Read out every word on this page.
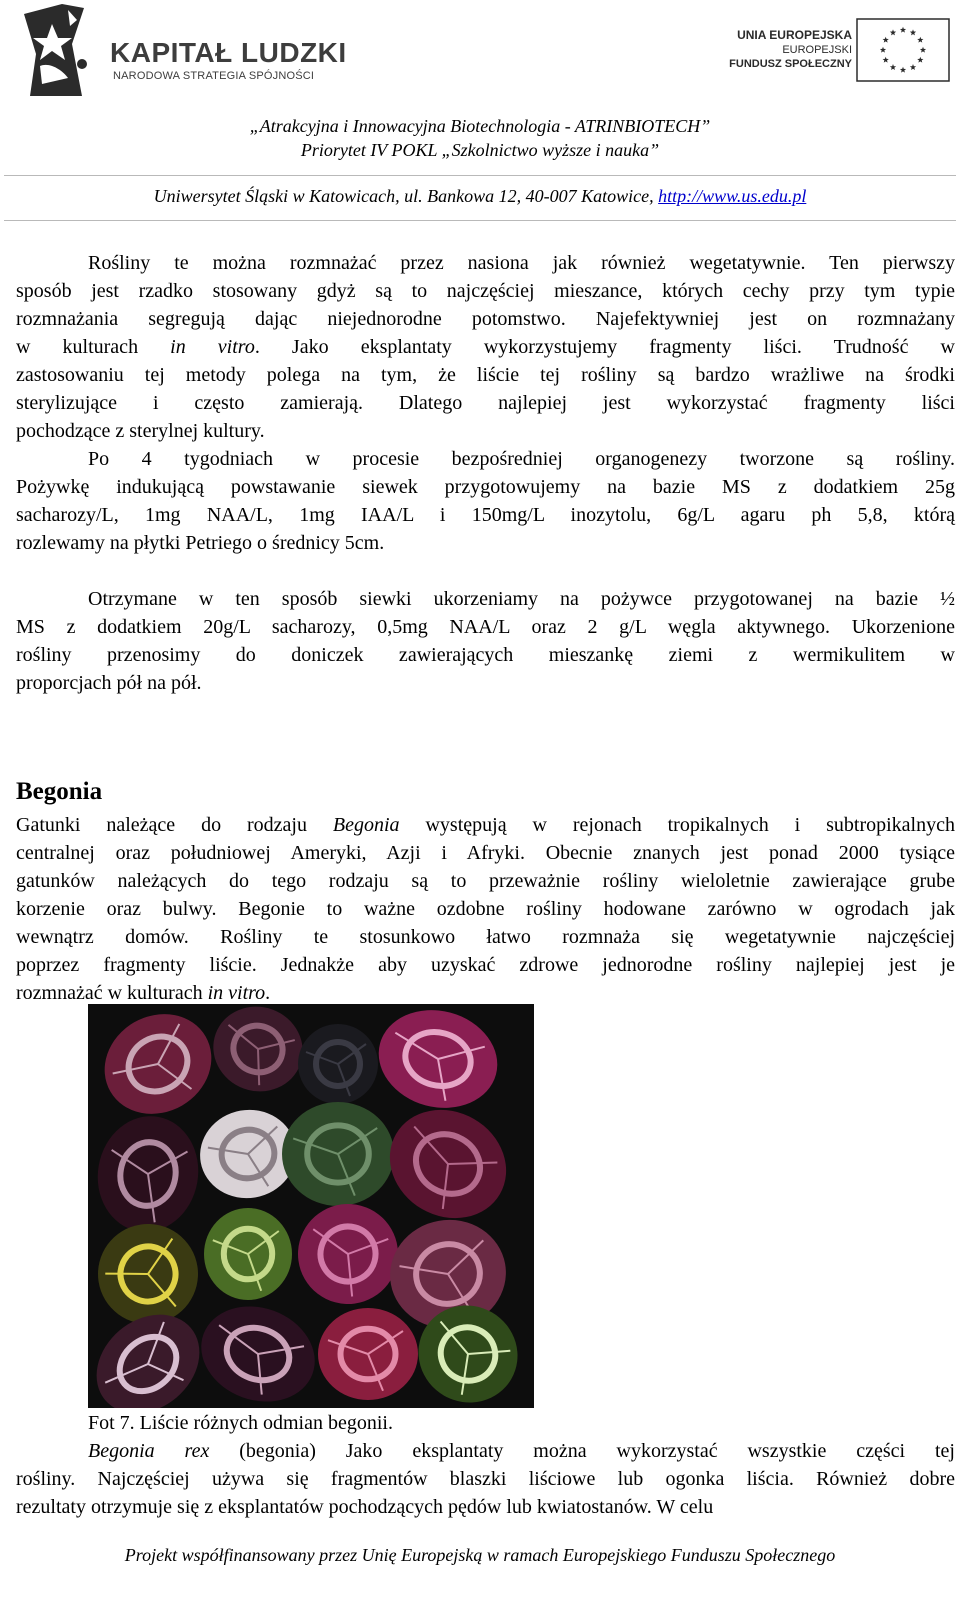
KAPITAŁ LUDZKI
NARODOWA STRATEGIA SPÓJNOŚCI
UNIA EUROPEJSKA
EUROPEJSKI
FUNDUSZ SPOŁECZNY
„Atrakcyjna i Innowacyjna Biotechnologia - ATRINBIOTECH”
Priorytet IV POKL „Szkolnictwo wyższe i nauka”
Uniwersytet Śląski w Katowicach, ul. Bankowa 12, 40-007 Katowice, http://www.us.edu.pl
Rośliny te można rozmnażać przez nasiona jak również wegetatywnie. Ten pierwszy
sposób jest rzadko stosowany gdyż są to najczęściej mieszance, których cechy przy tym typie
rozmnażania segregują dając niejednorodne potomstwo. Najefektywniej jest on rozmnażany
w kulturach in vitro. Jako eksplantaty wykorzystujemy fragmenty liści. Trudność w
zastosowaniu tej metody polega na tym, że liście tej rośliny są bardzo wrażliwe na środki
sterylizujące i często zamierają. Dlatego najlepiej jest wykorzystać fragmenty liści
pochodzące z sterylnej kultury.
Po 4 tygodniach w procesie bezpośredniej organogenezy tworzone są rośliny.
Pożywkę indukującą powstawanie siewek przygotowujemy na bazie MS z dodatkiem 25g
sacharozy/L, 1mg NAA/L, 1mg IAA/L i 150mg/L inozytolu, 6g/L agaru ph 5,8, którą
rozlewamy na płytki Petriego o średnicy 5cm.
Otrzymane w ten sposób siewki ukorzeniamy na pożywce przygotowanej na bazie ½
MS z dodatkiem 20g/L sacharozy, 0,5mg NAA/L oraz 2 g/L węgla aktywnego. Ukorzenione
rośliny przenosimy do doniczek zawierających mieszankę ziemi z wermikulitem w
proporcjach pół na pół.
Begonia
Gatunki należące do rodzaju Begonia występują w rejonach tropikalnych i subtropikalnych
centralnej oraz południowej Ameryki, Azji i Afryki. Obecnie znanych jest ponad 2000 tysiące
gatunków należących do tego rodzaju są to przeważnie rośliny wieloletnie zawierające grube
korzenie oraz bulwy. Begonie to ważne ozdobne rośliny hodowane zarówno w ogrodach jak
wewnątrz domów. Rośliny te stosunkowo łatwo rozmnaża się wegetatywnie najczęściej
poprzez fragmenty liście. Jednakże aby uzyskać zdrowe jednorodne rośliny najlepiej jest je
rozmnażać w kulturach in vitro.
Fot 7. Liście różnych odmian begonii.
Begonia rex (begonia) Jako eksplantaty można wykorzystać wszystkie części tej
rośliny. Najczęściej używa się fragmentów blaszki liściowe lub ogonka liścia. Również dobre
rezultaty otrzymuje się z eksplantatów pochodzących pędów lub kwiatostanów. W celu
Projekt współfinansowany przez Unię Europejską w ramach Europejskiego Funduszu Społecznego
